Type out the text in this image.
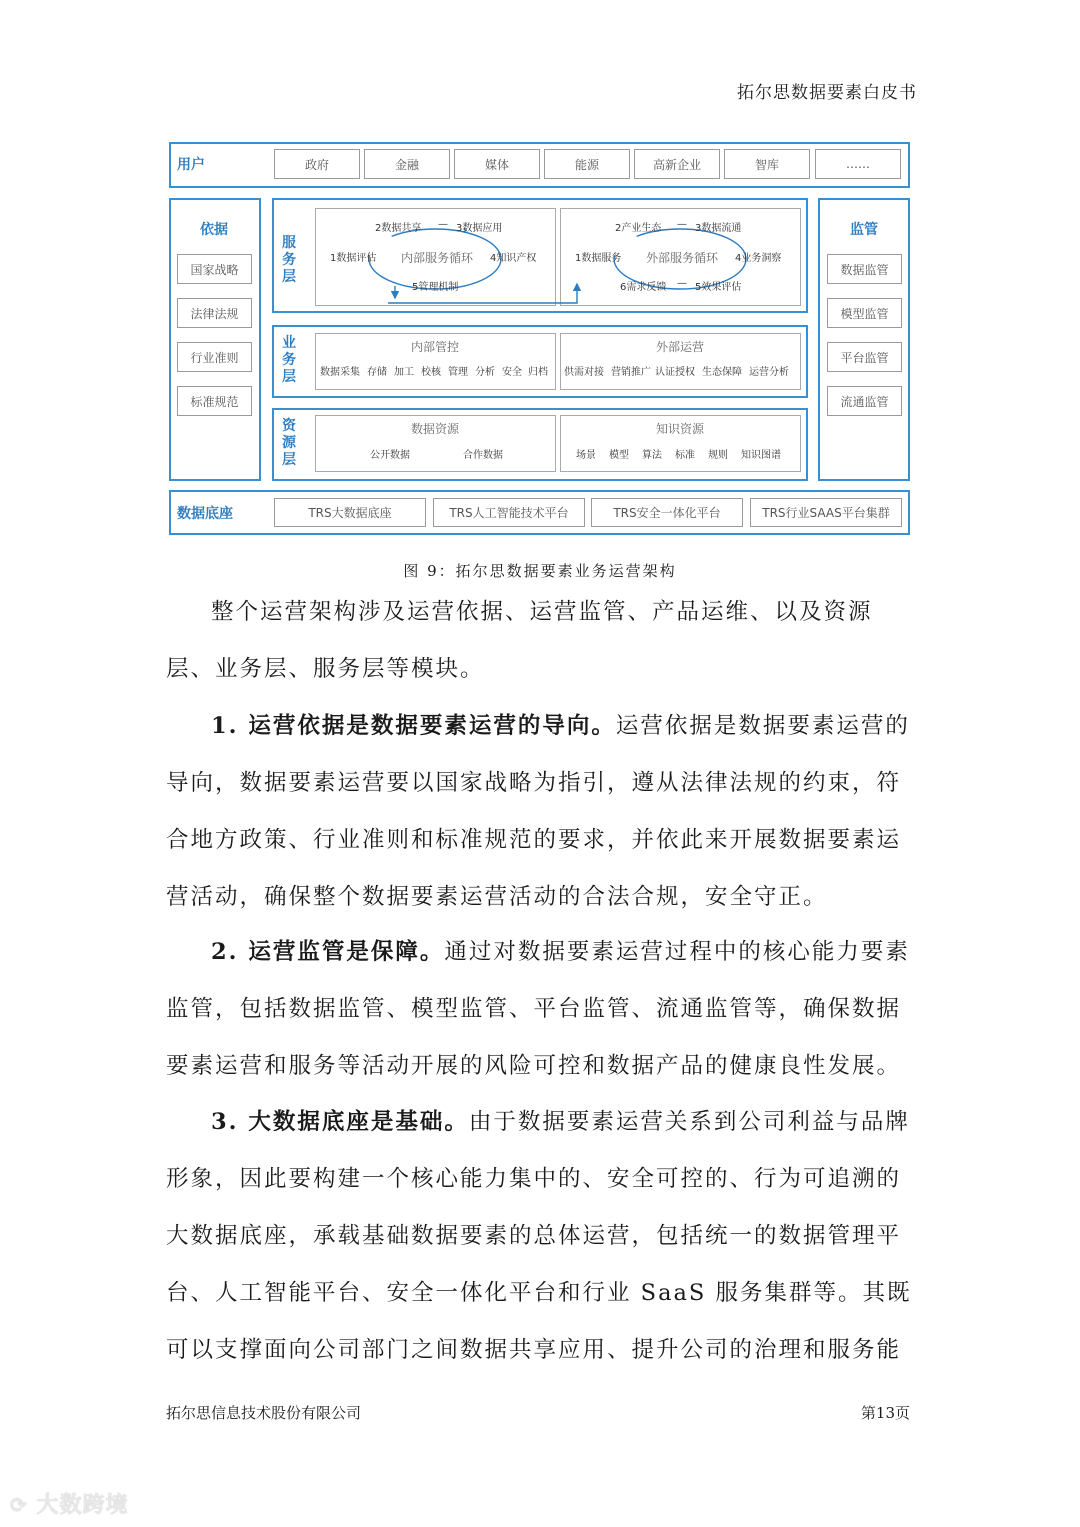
拓尔思数据要素白皮书
用户	政府	金融	媒体	能源	高新企业	智库	……
依据
国家战略
法律法规
行业准则
标准规范
监管
数据监管
模型监管
平台监管
流通监管
服务层
内部服务循环
1数据评估
2数据共享 — 3数据应用
4知识产权
5管理机制
外部服务循环
1数据服务
2产业生态 — 3数据流通
4业务洞察
6需求反馈 — 5效果评估
业务层
内部管控	外部运营
数据采集 存储 加工 校核 管理 分析 安全 归档 供需对接 营销推广 认证授权 生态保障 运营分析
资源层
数据资源	知识资源
公开数据	合作数据	场景 模型 算法 标准 规则 知识图谱
数据底座	TRS大数据底座	TRS人工智能技术平台	TRS安全一体化平台	TRS行业SAAS平台集群
图 9：拓尔思数据要素业务运营架构

整个运营架构涉及运营依据、运营监管、产品运维、以及资源层、业务层、服务层等模块。

1. 运营依据是数据要素运营的导向。运营依据是数据要素运营的导向，数据要素运营要以国家战略为指引，遵从法律法规的约束，符合地方政策、行业准则和标准规范的要求，并依此来开展数据要素运营活动，确保整个数据要素运营活动的合法合规，安全守正。

2. 运营监管是保障。通过对数据要素运营过程中的核心能力要素监管，包括数据监管、模型监管、平台监管、流通监管等，确保数据要素运营和服务等活动开展的风险可控和数据产品的健康良性发展。

3. 大数据底座是基础。由于数据要素运营关系到公司利益与品牌形象，因此要构建一个核心能力集中的、安全可控的、行为可追溯的大数据底座，承载基础数据要素的总体运营，包括统一的数据管理平台、人工智能平台、安全一体化平台和行业 SaaS 服务集群等。其既可以支撑面向公司部门之间数据共享应用、提升公司的治理和服务能

拓尔思信息技术股份有限公司	第13页
⟳ 大数跨境
